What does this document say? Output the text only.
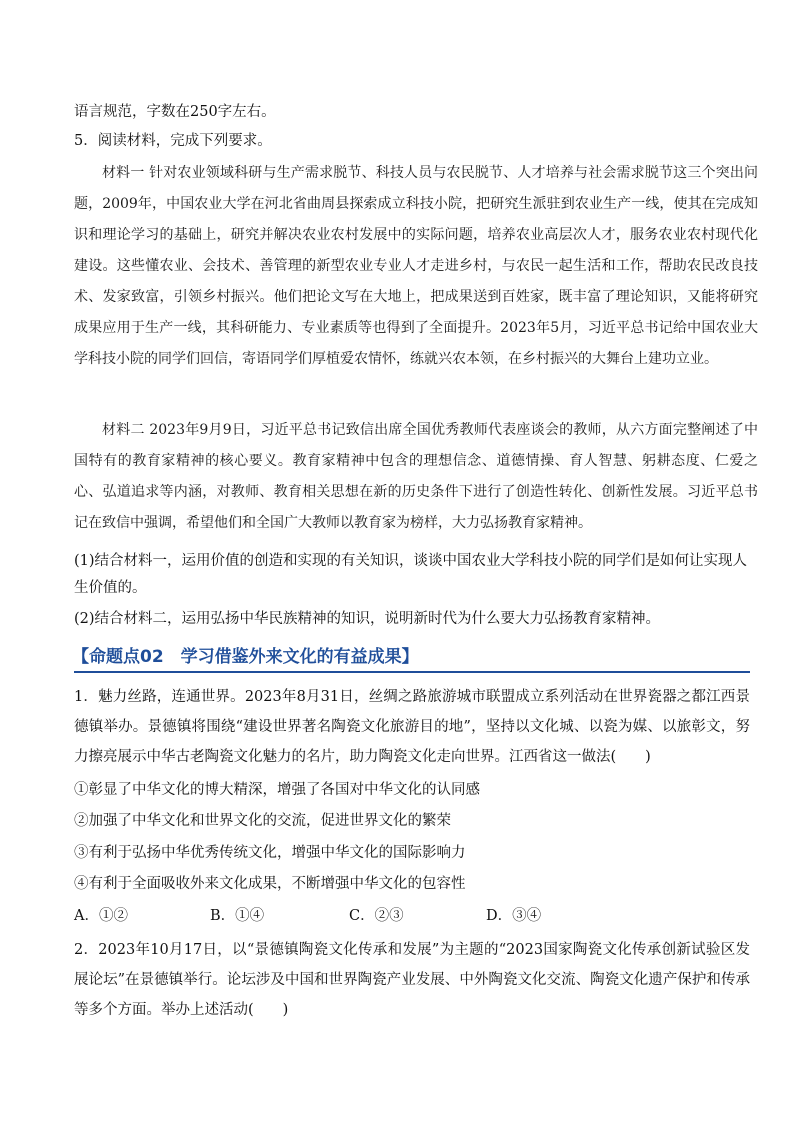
语言规范，字数在250字左右。
5．阅读材料，完成下列要求。

材料一 针对农业领域科研与生产需求脱节、科技人员与农民脱节、人才培养与社会需求脱节这三个突出问题，2009年，中国农业大学在河北省曲周县探索成立科技小院，把研究生派驻到农业生产一线，使其在完成知识和理论学习的基础上，研究并解决农业农村发展中的实际问题，培养农业高层次人才，服务农业农村现代化建设。这些懂农业、会技术、善管理的新型农业专业人才走进乡村，与农民一起生活和工作，帮助农民改良技术、发家致富，引领乡村振兴。他们把论文写在大地上，把成果送到百姓家，既丰富了理论知识，又能将研究成果应用于生产一线，其科研能力、专业素质等也得到了全面提升。2023年5月，习近平总书记给中国农业大学科技小院的同学们回信，寄语同学们厚植爱农情怀，练就兴农本领，在乡村振兴的大舞台上建功立业。

材料二 2023年9月9日，习近平总书记致信出席全国优秀教师代表座谈会的教师，从六方面完整阐述了中国特有的教育家精神的核心要义。教育家精神中包含的理想信念、道德情操、育人智慧、躬耕态度、仁爱之心、弘道追求等内涵，对教师、教育相关思想在新的历史条件下进行了创造性转化、创新性发展。习近平总书记在致信中强调，希望他们和全国广大教师以教育家为榜样，大力弘扬教育家精神。

(1)结合材料一，运用价值的创造和实现的有关知识，谈谈中国农业大学科技小院的同学们是如何让实现人
生价值的。
(2)结合材料二，运用弘扬中华民族精神的知识，说明新时代为什么要大力弘扬教育家精神。
【命题点02　学习借鉴外来文化的有益成果】

1．魅力丝路，连通世界。2023年8月31日，丝绸之路旅游城市联盟成立系列活动在世界瓷器之都江西景德镇举办。景德镇将围绕“建设世界著名陶瓷文化旅游目的地”，坚持以文化城、以瓷为媒、以旅彰文，努力擦亮展示中华古老陶瓷文化魅力的名片，助力陶瓷文化走向世界。江西省这一做法(　　)

①彰显了中华文化的博大精深，增强了各国对中华文化的认同感
②加强了中华文化和世界文化的交流，促进世界文化的繁荣
③有利于弘扬中华优秀传统文化，增强中华文化的国际影响力
④有利于全面吸收外来文化成果，不断增强中华文化的包容性
A．①②	B．①④	C．②③	D．③④

2．2023年10月17日，以“景德镇陶瓷文化传承和发展”为主题的“2023国家陶瓷文化传承创新试验区发展论坛”在景德镇举行。论坛涉及中国和世界陶瓷产业发展、中外陶瓷文化交流、陶瓷文化遗产保护和传承等多个方面。举办上述活动(　　)
